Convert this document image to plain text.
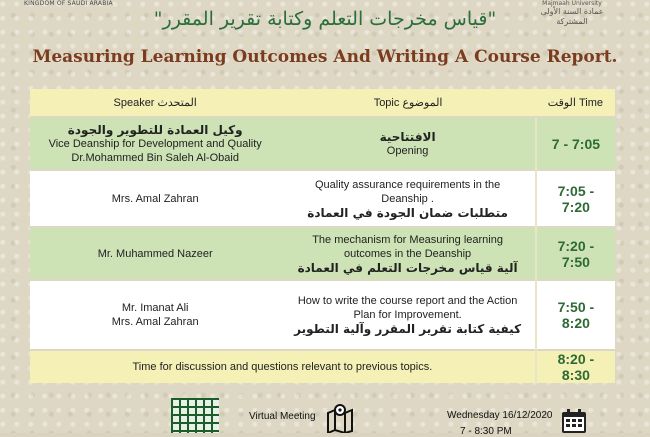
KINGDOM OF SAUDI ARABIA	Majmaah University
عمادة السنة الأولى
المشتركة
"قياس مخرجات التعلم وكتابة تقرير المقرر"
Measuring Learning Outcomes And Writing A Course Report.
Speaker المتحدث	Topic الموضوع	الوقت Time

وكيل العمادة للتطوير والجودة
Vice Deanship for Development and Quality
Dr.Mohammed Bin Saleh Al-Obaid	الافتتاحية
Opening	7 - 7:05

Mrs. Amal Zahran	Quality assurance requirements in the
Deanship .
متطلبات ضمان الجودة في العمادة	7:05 - 7:20

Mr. Muhammed Nazeer	The mechanism for Measuring learning
outcomes in the Deanship
آلية قياس مخرجات التعلم في العمادة	7:20 - 7:50

Mr. Imanat Ali
Mrs. Amal Zahran	How to write the course report and the Action
Plan for Improvement.
كيفية كتابة تقرير المقرر وآلية التطوير	7:50 - 8:20
Time for discussion and questions relevant to previous topics.		8:20 - 8:30
Virtual Meeting	Wednesday 16/12/2020
7 - 8:30 PM
